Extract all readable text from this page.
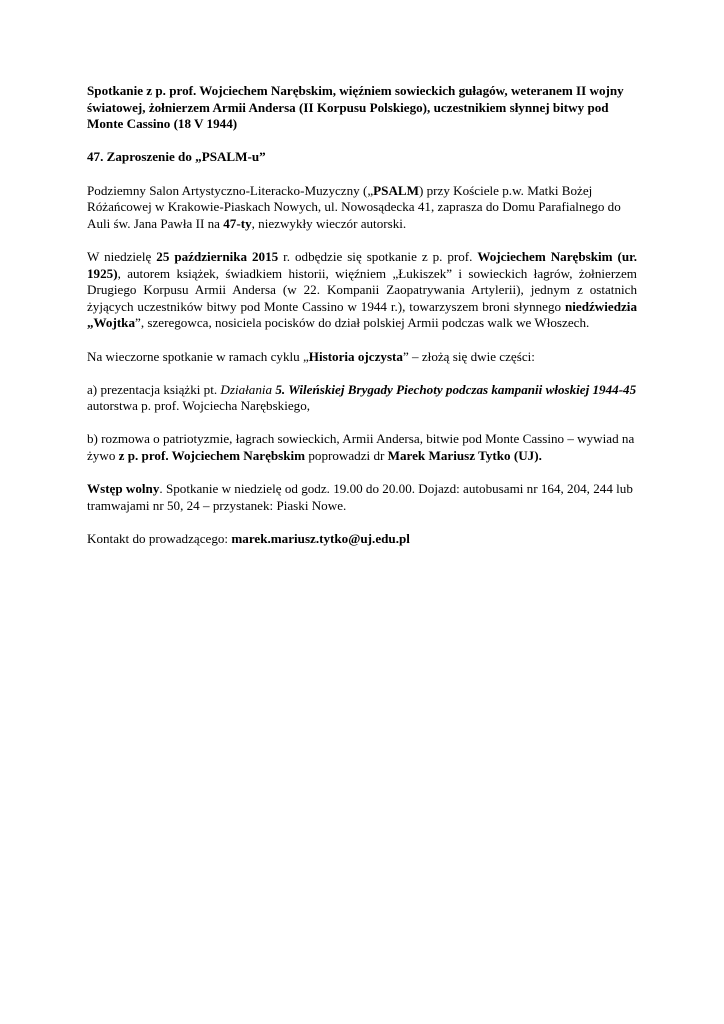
Spotkanie z p. prof. Wojciechem Narębskim, więźniem sowieckich gułagów, weteranem II wojny światowej, żołnierzem Armii Andersa (II Korpusu Polskiego), uczestnikiem słynnej bitwy pod Monte Cassino (18 V 1944)

47. Zaproszenie do „PSALM-u”

Podziemny Salon Artystyczno-Literacko-Muzyczny („PSALM) przy Kościele p.w. Matki Bożej Różańcowej w Krakowie-Piaskach Nowych, ul. Nowosądecka 41, zaprasza do Domu Parafialnego do Auli św. Jana Pawła II na 47-ty, niezwykły wieczór autorski.

W niedzielę 25 października 2015 r. odbędzie się spotkanie z p. prof. Wojciechem Narębskim (ur. 1925), autorem książek, świadkiem historii, więźniem „Łukiszek” i sowieckich łagrów, żołnierzem Drugiego Korpusu Armii Andersa (w 22. Kompanii Zaopatrywania Artylerii), jednym z ostatnich żyjących uczestników bitwy pod Monte Cassino w 1944 r.), towarzyszem broni słynnego niedźwiedzia „Wojtka”, szeregowca, nosiciela pocisków do dział polskiej Armii podczas walk we Włoszech.

Na wieczorne spotkanie w ramach cyklu „Historia ojczysta” – złożą się dwie części:

a) prezentacja książki pt. Działania 5. Wileńskiej Brygady Piechoty podczas kampanii włoskiej 1944-45 autorstwa p. prof. Wojciecha Narębskiego,

b) rozmowa o patriotyzmie, łagrach sowieckich, Armii Andersa, bitwie pod Monte Cassino – wywiad na żywo z p. prof. Wojciechem Narębskim poprowadzi dr Marek Mariusz Tytko (UJ).

Wstęp wolny. Spotkanie w niedzielę od godz. 19.00 do 20.00. Dojazd: autobusami nr 164, 204, 244 lub tramwajami nr 50, 24 – przystanek: Piaski Nowe.

Kontakt do prowadzącego: marek.mariusz.tytko@uj.edu.pl
